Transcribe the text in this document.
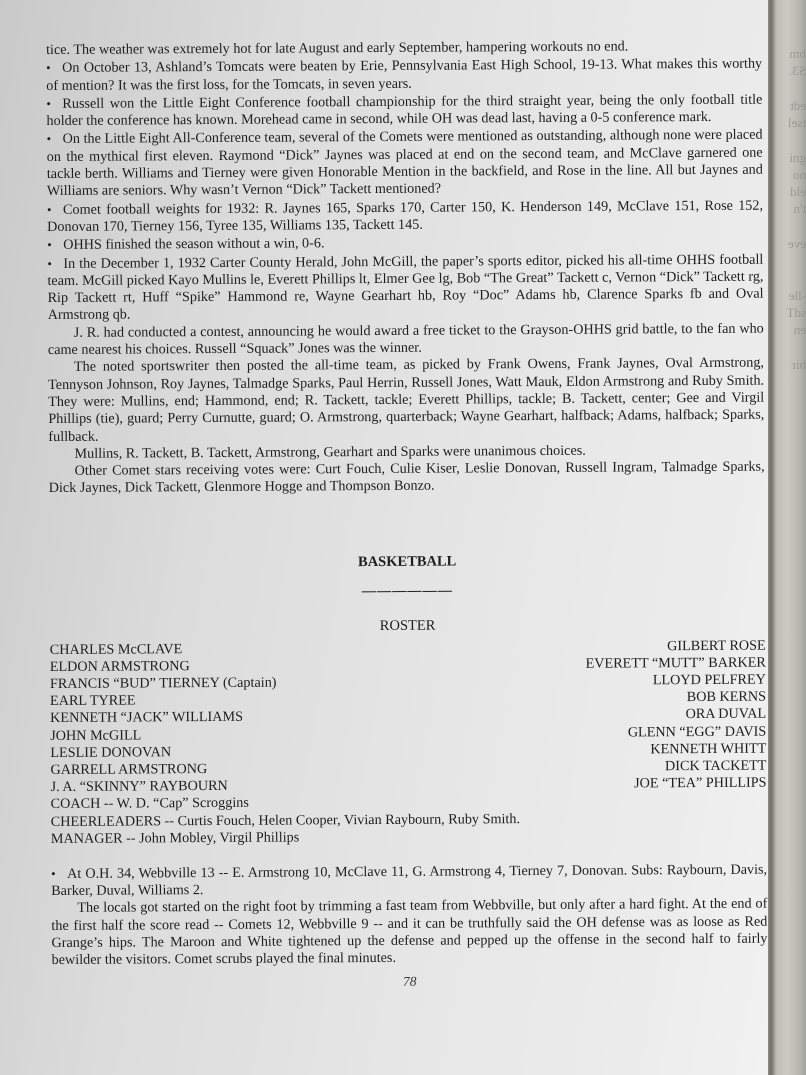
tice. The weather was extremely hot for late August and early September, hampering workouts no end.

• On October 13, Ashland’s Tomcats were beaten by Erie, Pennsylvania East High School, 19-13. What makes this worthy of mention? It was the first loss, for the Tomcats, in seven years.

• Russell won the Little Eight Conference football championship for the third straight year, being the only football title holder the conference has known. Morehead came in second, while OH was dead last, having a 0-5 conference mark.

• On the Little Eight All-Conference team, several of the Comets were mentioned as outstanding, although none were placed on the mythical first eleven. Raymond “Dick” Jaynes was placed at end on the second team, and McClave garnered one tackle berth. Williams and Tierney were given Honorable Mention in the backfield, and Rose in the line. All but Jaynes and Williams are seniors. Why wasn’t Vernon “Dick” Tackett mentioned?

• Comet football weights for 1932: R. Jaynes 165, Sparks 170, Carter 150, K. Henderson 149, McClave 151, Rose 152, Donovan 170, Tierney 156, Tyree 135, Williams 135, Tackett 145.

• OHHS finished the season without a win, 0-6.

• In the December 1, 1932 Carter County Herald, John McGill, the paper’s sports editor, picked his all-time OHHS football team. McGill picked Kayo Mullins le, Everett Phillips lt, Elmer Gee lg, Bob “The Great” Tackett c, Vernon “Dick” Tackett rg, Rip Tackett rt, Huff “Spike” Hammond re, Wayne Gearhart hb, Roy “Doc” Adams hb, Clarence Sparks fb and Oval Armstrong qb.

J. R. had conducted a contest, announcing he would award a free ticket to the Grayson-OHHS grid battle, to the fan who came nearest his choices. Russell “Squack” Jones was the winner.

The noted sportswriter then posted the all-time team, as picked by Frank Owens, Frank Jaynes, Oval Armstrong, Tennyson Johnson, Roy Jaynes, Talmadge Sparks, Paul Herrin, Russell Jones, Watt Mauk, Eldon Armstrong and Ruby Smith. They were: Mullins, end; Hammond, end; R. Tackett, tackle; Everett Phillips, tackle; B. Tackett, center; Gee and Virgil Phillips (tie), guard; Perry Curnutte, guard; O. Armstrong, quarterback; Wayne Gearhart, halfback; Adams, halfback; Sparks, fullback.

Mullins, R. Tackett, B. Tackett, Armstrong, Gearhart and Sparks were unanimous choices.

Other Comet stars receiving votes were: Curt Fouch, Culie Kiser, Leslie Donovan, Russell Ingram, Talmadge Sparks, Dick Jaynes, Dick Tackett, Glenmore Hogge and Thompson Bonzo.

BASKETBALL
——————
ROSTER
CHARLES McCLAVE
ELDON ARMSTRONG
FRANCIS “BUD” TIERNEY (Captain)
EARL TYREE
KENNETH “JACK” WILLIAMS
JOHN McGILL
LESLIE DONOVAN
GARRELL ARMSTRONG
J. A. “SKINNY” RAYBOURN
GILBERT ROSE
EVERETT “MUTT” BARKER
LLOYD PELFREY
BOB KERNS
ORA DUVAL
GLENN “EGG” DAVIS
KENNETH WHITT
DICK TACKETT
JOE “TEA” PHILLIPS
COACH -- W. D. “Cap” Scroggins
CHEERLEADERS -- Curtis Fouch, Helen Cooper, Vivian Raybourn, Ruby Smith.
MANAGER -- John Mobley, Virgil Phillips

• At O.H. 34, Webbville 13 -- E. Armstrong 10, McClave 11, G. Armstrong 4, Tierney 7, Donovan. Subs: Raybourn, Davis, Barker, Duval, Williams 2.

The locals got started on the right foot by trimming a fast team from Webbville, but only after a hard fight. At the end of the first half the score read -- Comets 12, Webbville 9 -- and it can be truthfully said the OH defense was as loose as Red Grange’s hips. The Maroon and White tightened up the defense and pepped up the offense in the second half to fairly bewilder the visitors. Comet scrubs played the final minutes.

78
bm
S3.
edt
tsel
gni
no
eld
t'n
eve
-lle
sdT
en
bir
